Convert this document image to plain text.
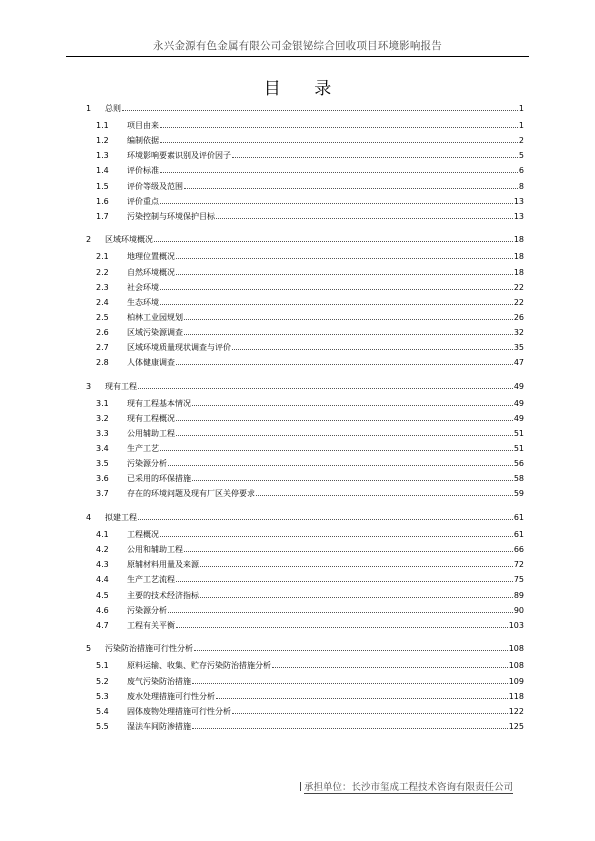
永兴金源有色金属有限公司金银铋综合回收项目环境影响报告
目 录
1	总则	1
1.1	项目由来	1
1.2	编制依据	2
1.3	环境影响要素识别及评价因子	5
1.4	评价标准	6
1.5	评价等级及范围	8
1.6	评价重点	13
1.7	污染控制与环境保护目标	13
2	区域环境概况	18
2.1	地理位置概况	18
2.2	自然环境概况	18
2.3	社会环境	22
2.4	生态环境	22
2.5	柏林工业园规划	26
2.6	区域污染源调查	32
2.7	区域环境质量现状调查与评价	35
2.8	人体健康调查	47
3	现有工程	49
3.1	现有工程基本情况	49
3.2	现有工程概况	49
3.3	公用辅助工程	51
3.4	生产工艺	51
3.5	污染源分析	56
3.6	已采用的环保措施	58
3.7	存在的环境问题及现有厂区关停要求	59
4	拟建工程	61
4.1	工程概况	61
4.2	公用和辅助工程	66
4.3	原辅材料用量及来源	72
4.4	生产工艺流程	75
4.5	主要的技术经济指标	89
4.6	污染源分析	90
4.7	工程有关平衡	103
5	污染防治措施可行性分析	108
5.1	原料运输、收集、贮存污染防治措施分析	108
5.2	废气污染防治措施	109
5.3	废水处理措施可行性分析	118
5.4	固体废物处理措施可行性分析	122
5.5	湿法车间防渗措施	125
承担单位：长沙市玺成工程技术咨询有限责任公司
